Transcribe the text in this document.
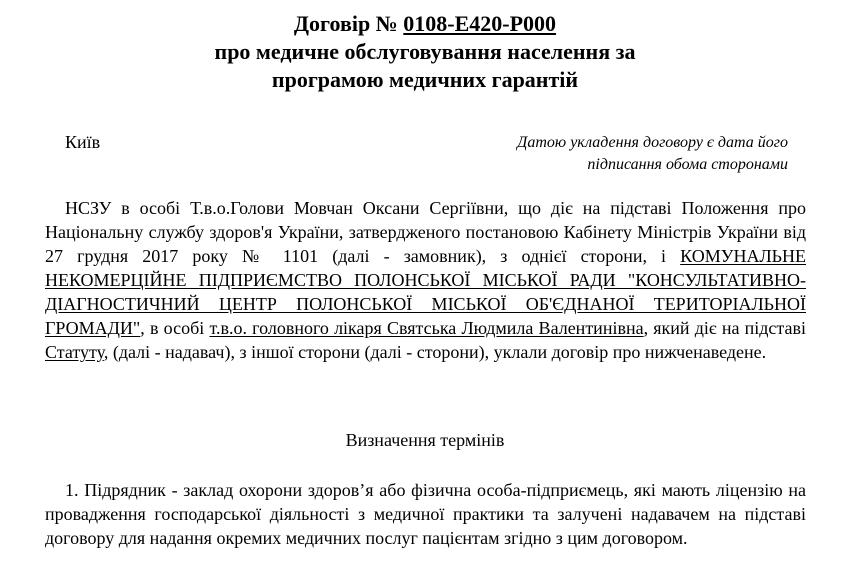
Договір № 0108-Е420-Р000

про медичне обслуговування населення за

програмою медичних гарантій

Київ	Датою укладення договору є дата його підписання обома сторонами

НСЗУ в особі Т.в.о.Голови Мовчан Оксани Сергіївни, що діє на підставі Положення про Національну службу здоров'я України, затвердженого постановою Кабінету Міністрів України від 27 грудня 2017 року № 1101 (далі - замовник), з однієї сторони, і КОМУНАЛЬНЕ НЕКОМЕРЦІЙНЕ ПІДПРИЄМСТВО ПОЛОНСЬКОЇ МІСЬКОЇ РАДИ "КОНСУЛЬТАТИВНО-ДІАГНОСТИЧНИЙ ЦЕНТР ПОЛОНСЬКОЇ МІСЬКОЇ ОБ'ЄДНАНОЇ ТЕРИТОРІАЛЬНОЇ ГРОМАДИ", в особі т.в.о. головного лікаря Святська Людмила Валентинівна, який діє на підставі Статуту, (далі - надавач), з іншої сторони (далі - сторони), уклали договір про нижченаведене.

Визначення термінів

1. Підрядник - заклад охорони здоров’я або фізична особа-підприємець, які мають ліцензію на провадження господарської діяльності з медичної практики та залучені надавачем на підставі договору для надання окремих медичних послуг пацієнтам згідно з цим договором.
